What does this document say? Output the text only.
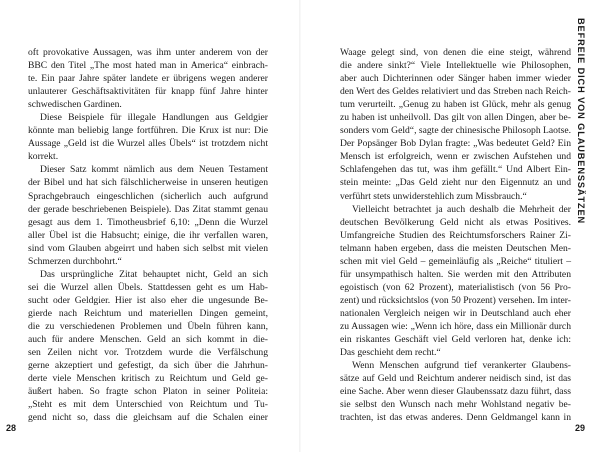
oft provokative Aussagen, was ihm unter anderem von der
BBC den Titel „The most hated man in America“ einbrach-
te. Ein paar Jahre später landete er übrigens wegen anderer
unlauterer Geschäftsaktivitäten für knapp fünf Jahre hinter
schwedischen Gardinen.
Diese Beispiele für illegale Handlungen aus Geldgier
könnte man beliebig lange fortführen. Die Krux ist nur: Die
Aussage „Geld ist die Wurzel alles Übels“ ist trotzdem nicht
korrekt.
Dieser Satz kommt nämlich aus dem Neuen Testament
der Bibel und hat sich fälschlicherweise in unseren heutigen
Sprachgebrauch eingeschlichen (sicherlich auch aufgrund
der gerade beschriebenen Beispiele). Das Zitat stammt genau
gesagt aus dem 1. Timotheusbrief 6,10: „Denn die Wurzel
aller Übel ist die Habsucht; einige, die ihr verfallen waren,
sind vom Glauben abgeirrt und haben sich selbst mit vielen
Schmerzen durchbohrt.“
Das ursprüngliche Zitat behauptet nicht, Geld an sich
sei die Wurzel allen Übels. Stattdessen geht es um Hab-
sucht oder Geldgier. Hier ist also eher die ungesunde Be-
gierde nach Reichtum und materiellen Dingen gemeint,
die zu verschiedenen Problemen und Übeln führen kann,
auch für andere Menschen. Geld an sich kommt in die-
sen Zeilen nicht vor. Trotzdem wurde die Verfälschung
gerne akzeptiert und gefestigt, da sich über die Jahrhun-
derte viele Menschen kritisch zu Reichtum und Geld ge-
äußert haben. So fragte schon Platon in seiner Politeia:
„Steht es mit dem Unterschied von Reichtum und Tu-
gend nicht so, dass die gleichsam auf die Schalen einer
28
Waage gelegt sind, von denen die eine steigt, während
die andere sinkt?“ Viele Intellektuelle wie Philosophen,
aber auch Dichterinnen oder Sänger haben immer wieder
den Wert des Geldes relativiert und das Streben nach Reich-
tum verurteilt. „Genug zu haben ist Glück, mehr als genug
zu haben ist unheilvoll. Das gilt von allen Dingen, aber be-
sonders vom Geld“, sagte der chinesische Philosoph Laotse.
Der Popsänger Bob Dylan fragte: „Was bedeutet Geld? Ein
Mensch ist erfolgreich, wenn er zwischen Aufstehen und
Schlafengehen das tut, was ihm gefällt.“ Und Albert Ein-
stein meinte: „Das Geld zieht nur den Eigennutz an und
verführt stets unwiderstehlich zum Missbrauch.“
Vielleicht betrachtet ja auch deshalb die Mehrheit der
deutschen Bevölkerung Geld nicht als etwas Positives.
Umfangreiche Studien des Reichtumsforschers Rainer Zi-
telmann haben ergeben, dass die meisten Deutschen Men-
schen mit viel Geld – gemeinläufig als „Reiche“ tituliert –
für unsympathisch halten. Sie werden mit den Attributen
egoistisch (von 62 Prozent), materialistisch (von 56 Pro-
zent) und rücksichtslos (von 50 Prozent) versehen. Im inter-
nationalen Vergleich neigen wir in Deutschland auch eher
zu Aussagen wie: „Wenn ich höre, dass ein Millionär durch
ein riskantes Geschäft viel Geld verloren hat, denke ich:
Das geschieht dem recht.“
Wenn Menschen aufgrund tief verankerter Glaubens-
sätze auf Geld und Reichtum anderer neidisch sind, ist das
eine Sache. Aber wenn dieser Glaubenssatz dazu führt, dass
sie selbst den Wunsch nach mehr Wohlstand negativ be-
trachten, ist das etwas anderes. Denn Geldmangel kann in
29
BEFREIE DICH VON GLAUBENSSÄTZEN
